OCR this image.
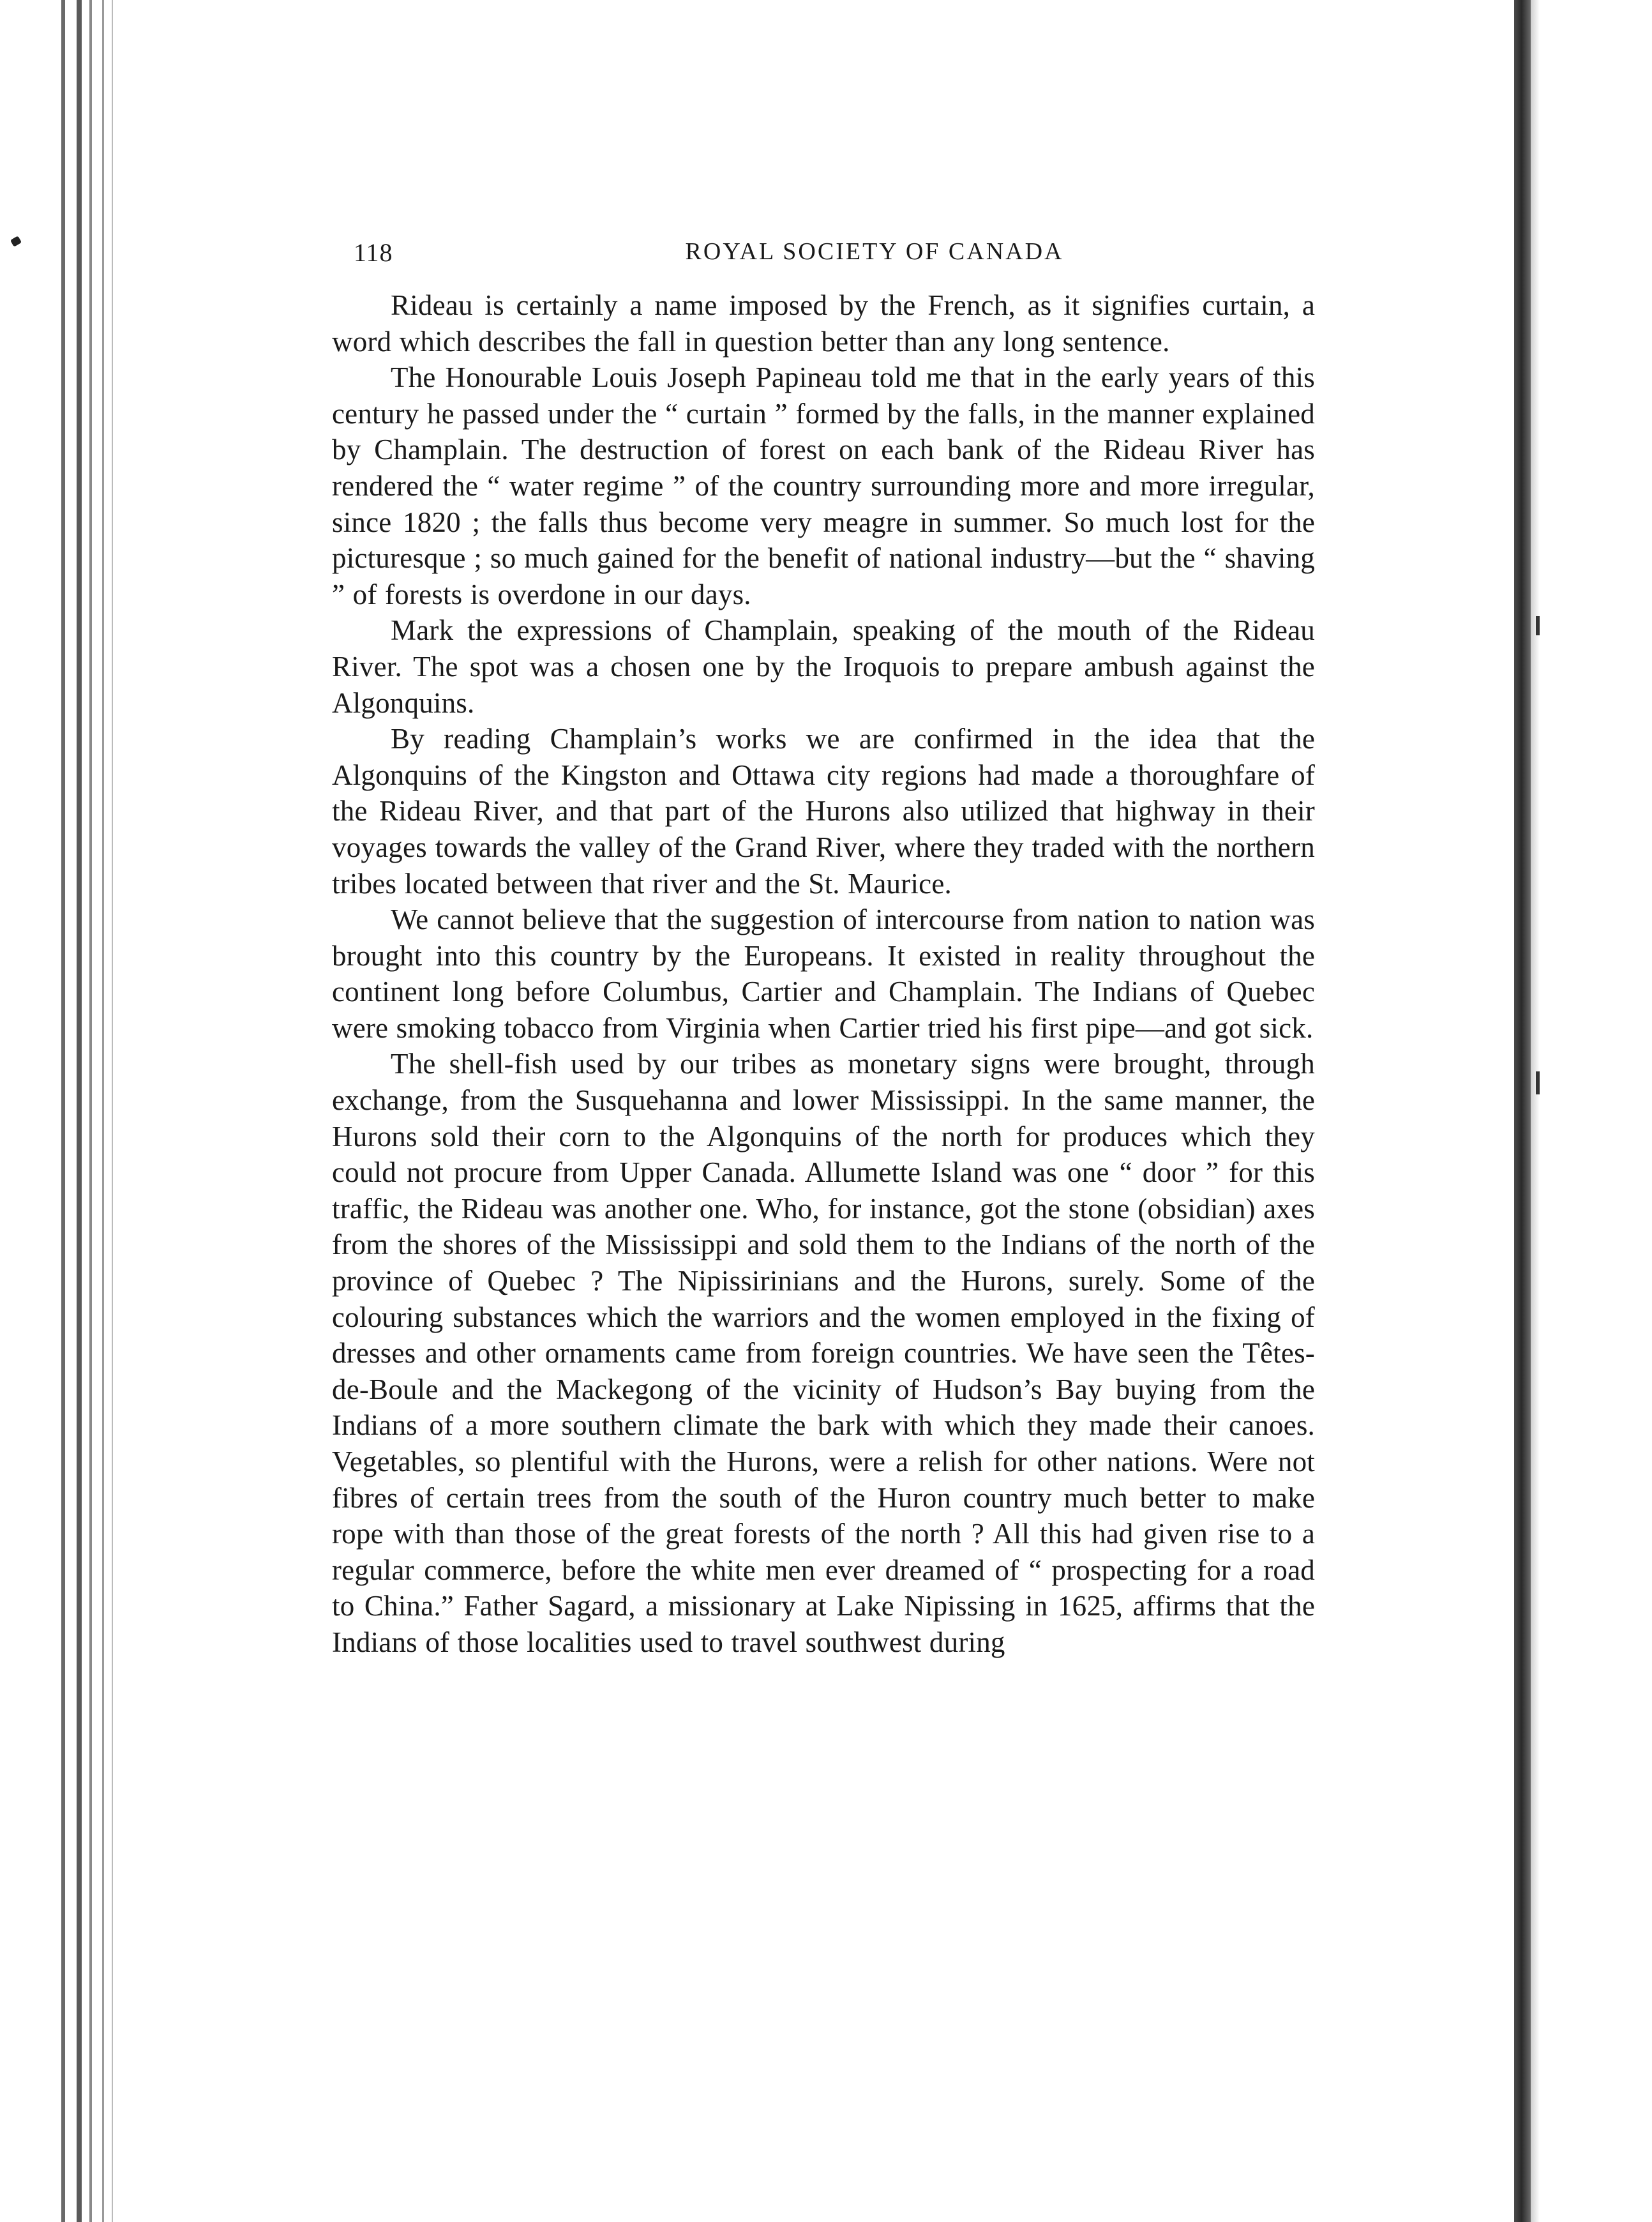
118	ROYAL SOCIETY OF CANADA

Rideau is certainly a name imposed by the French, as it signifies curtain, a word which describes the fall in question better than any long sentence.

The Honourable Louis Joseph Papineau told me that in the early years of this century he passed under the “ curtain ” formed by the falls, in the manner explained by Champlain. The destruction of forest on each bank of the Rideau River has rendered the “ water regime ” of the country surrounding more and more irregular, since 1820 ; the falls thus become very meagre in summer. So much lost for the picturesque ; so much gained for the benefit of national industry—but the “ shaving ” of forests is overdone in our days.

Mark the expressions of Champlain, speaking of the mouth of the Rideau River. The spot was a chosen one by the Iroquois to prepare ambush against the Algonquins.

By reading Champlain’s works we are confirmed in the idea that the Algonquins of the Kingston and Ottawa city regions had made a thoroughfare of the Rideau River, and that part of the Hurons also utilized that highway in their voyages towards the valley of the Grand River, where they traded with the northern tribes located between that river and the St. Maurice.

We cannot believe that the suggestion of intercourse from nation to nation was brought into this country by the Europeans. It existed in reality throughout the continent long before Columbus, Cartier and Champlain. The Indians of Quebec were smoking tobacco from Virginia when Cartier tried his first pipe—and got sick.

The shell-fish used by our tribes as monetary signs were brought, through exchange, from the Susquehanna and lower Mississippi. In the same manner, the Hurons sold their corn to the Algonquins of the north for produces which they could not procure from Upper Canada. Allumette Island was one “ door ” for this traffic, the Rideau was another one. Who, for instance, got the stone (obsidian) axes from the shores of the Mississippi and sold them to the Indians of the north of the province of Quebec ? The Nipissirinians and the Hurons, surely. Some of the colouring substances which the warriors and the women employed in the fixing of dresses and other ornaments came from foreign countries. We have seen the Têtes-de-Boule and the Mackegong of the vicinity of Hudson’s Bay buying from the Indians of a more southern climate the bark with which they made their canoes. Vegetables, so plentiful with the Hurons, were a relish for other nations. Were not fibres of certain trees from the south of the Huron country much better to make rope with than those of the great forests of the north ? All this had given rise to a regular commerce, before the white men ever dreamed of “ prospecting for a road to China.” Father Sagard, a missionary at Lake Nipissing in 1625, affirms that the Indians of those localities used to travel southwest during
